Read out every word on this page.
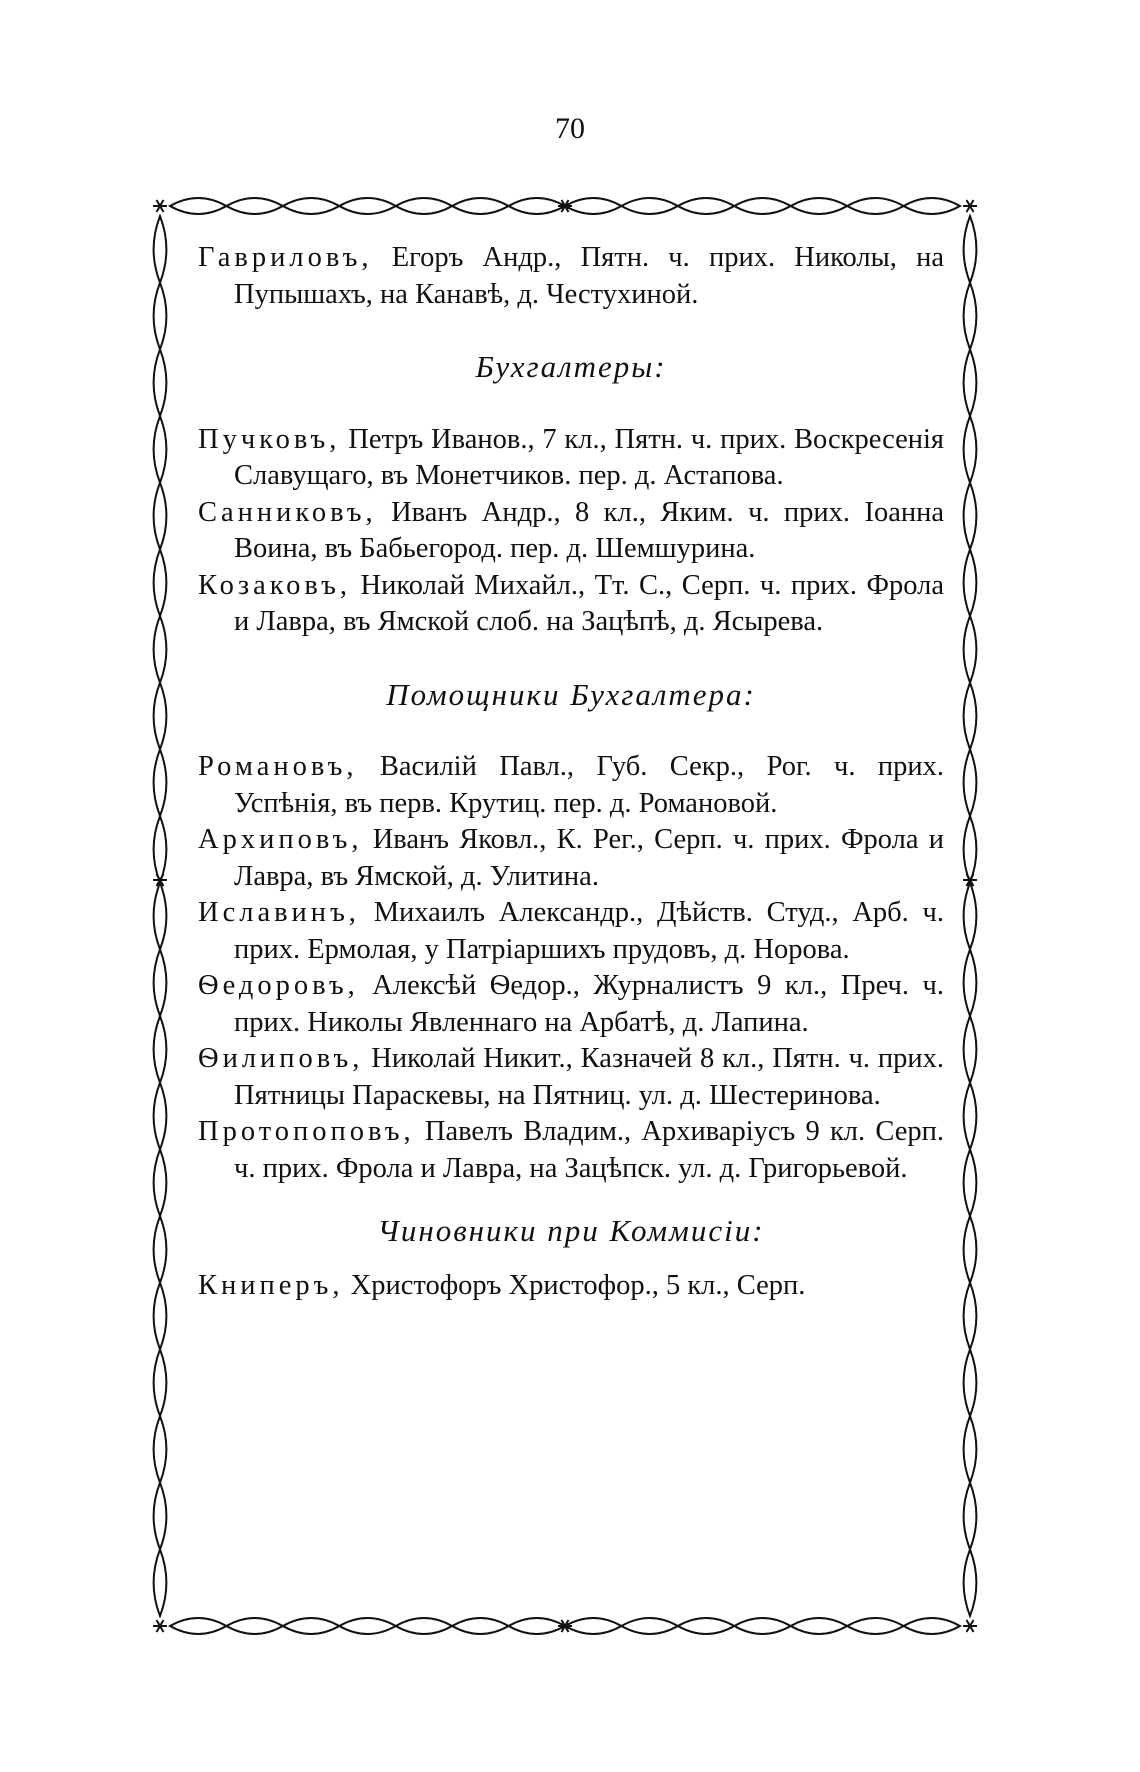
70

Гавриловъ, Егоръ Андр., Пятн. ч. прих. Николы, на Пупышахъ, на Канавѣ, д. Честухиной.

Бухгалтеры:

Пучковъ, Петръ Иванов., 7 кл., Пятн. ч. прих. Воскресенія Славущаго, въ Монетчиков. пер. д. Астапова.

Санниковъ, Иванъ Андр., 8 кл., Яким. ч. прих. Іоанна Воина, въ Бабьегород. пер. д. Шемшурина.

Козаковъ, Николай Михайл., Тт. С., Серп. ч. прих. Фрола и Лавра, въ Ямской слоб. на Зацѣпѣ, д. Ясырева.

Помощники Бухгалтера:

Романовъ, Василій Павл., Губ. Секр., Рог. ч. прих. Успѣнія, въ перв. Крутиц. пер. д. Романовой.

Архиповъ, Иванъ Яковл., К. Рег., Серп. ч. прих. Фрола и Лавра, въ Ямской, д. Улитина.

Иславинъ, Михаилъ Александр., Дѣйств. Студ., Арб. ч. прих. Ермолая, у Патріаршихъ прудовъ, д. Норова.

Ѳедоровъ, Алексѣй Ѳедор., Журналистъ 9 кл., Преч. ч. прих. Николы Явленнаго на Арбатѣ, д. Лапина.

Ѳилиповъ, Николай Никит., Казначей 8 кл., Пятн. ч. прих. Пятницы Параскевы, на Пятниц. ул. д. Шестеринова.

Протопоповъ, Павелъ Владим., Архиваріусъ 9 кл. Серп. ч. прих. Фрола и Лавра, на Зацѣпск. ул. д. Григорьевой.

Чиновники при Коммисіи:

Книперъ, Христофоръ Христофор., 5 кл., Серп.
